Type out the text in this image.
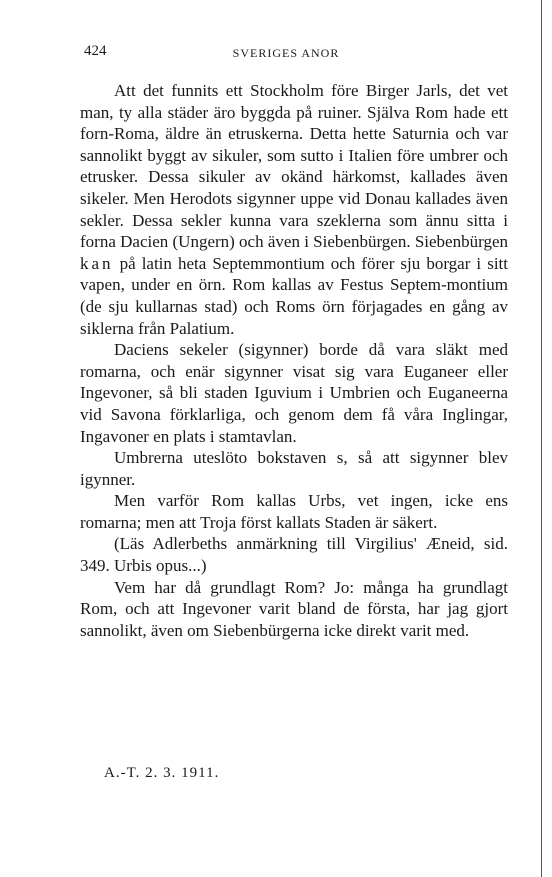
424	SVERIGES ANOR

Att det funnits ett Stockholm före Birger Jarls, det vet man, ty alla städer äro byggda på ruiner. Själva Rom hade ett forn-Roma, äldre än etruskerna. Detta hette Saturnia och var sannolikt byggt av sikuler, som sutto i Italien före umbrer och etrusker. Dessa sikuler av okänd härkomst, kallades även sikeler. Men Herodots sigynner uppe vid Donau kallades även sekler. Dessa sekler kunna vara szeklerna som ännu sitta i forna Dacien (Ungern) och även i Siebenbürgen. Siebenbürgen kan på latin heta Septemmontium och förer sju borgar i sitt vapen, under en örn. Rom kallas av Festus Septem-montium (de sju kullarnas stad) och Roms örn förjagades en gång av siklerna från Palatium.

Daciens sekeler (sigynner) borde då vara släkt med romarna, och enär sigynner visat sig vara Euganeer eller Ingevoner, så bli staden Iguvium i Umbrien och Euganeerna vid Savona förklarliga, och genom dem få våra Inglingar, Ingavoner en plats i stamtavlan.

Umbrerna uteslöto bokstaven s, så att sigynner blev igynner.

Men varför Rom kallas Urbs, vet ingen, icke ens romarna; men att Troja först kallats Staden är säkert.

(Läs Adlerbeths anmärkning till Virgilius' Æneid, sid. 349. Urbis opus...)

Vem har då grundlagt Rom? Jo: många ha grundlagt Rom, och att Ingevoner varit bland de första, har jag gjort sannolikt, även om Siebenbürgerna icke direkt varit med.

A.-T. 2. 3. 1911.
